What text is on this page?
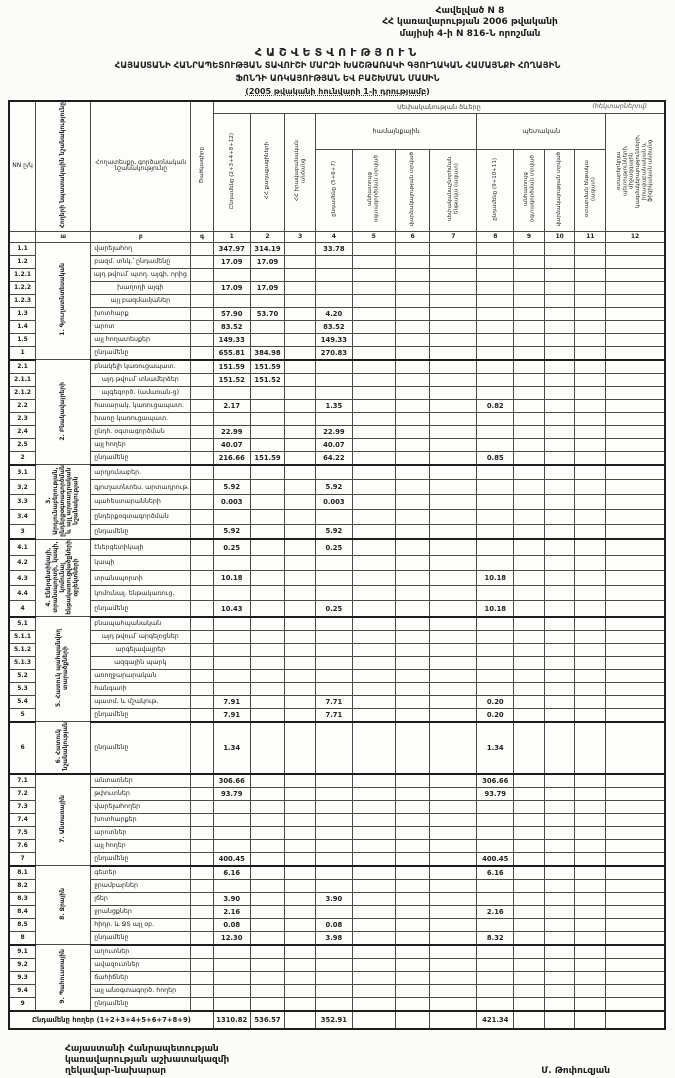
Հավելված N 8
ՀՀ կառավարության 2006 թվականի
մայիսի 4-ի N 816-Ն որոշման
ՀԱՇՎԵՏՎՈՒԹՅՈՒՆ
ՀԱՅԱՍՏԱՆԻ ՀԱՆՐԱՊԵՏՈՒԹՅԱՆ ՏԱՎՈՒՇԻ ՄԱՐԶԻ ԽԱՇԹԱՌԱԿԻ ԳՅՈՒՂԱԿԱՆ ՀԱՄԱՅՆՔԻ ՀՈՂԱՅԻՆ
ՖՈՆԴԻ ԱՌԿԱՅՈՒԹՅԱՆ ԵՎ ԲԱՇԽՄԱՆ ՄԱՍԻՆ
(2005 թվականի հունվարի 1-ի դրությամբ)
(հեկտարներով)
NN ը/կ	Հողերի նպատակային նշանակությունը	Հողատեսքը, գործառնական նշանակությունը	Ծածկագիրը	Սեփականության ձևերը											
				Ընդամենը (2+3+4+8+12)	ՀՀ քաղաքացիների	ՀՀ իրավաբանական անձանց	համայնքային				պետական				օտարերկրյա պետությունների, միջազգային կազմակերպությունների, իրավաբանական և ֆիզիկական անձանց
							ընդամենը (5+6+7)	անհատույց օգտագործման տրված	վարձակալության տրված	սեփականաշնորհման ենթակա (ազատ)	ընդամենը (9+10+11)	անհատույց օգտագործման տրված	վարձակալության տրված	օտարման ենթակա (ազատ)	
	ա	բ	գ	1	2	3	4	5	6	7	8	9	10	11	12
1.1	1. Գյուղատնտեսական	վարելահող		347.97	314.19		33.78								
1.2		բազմ. տնկ.՝ ընդամենը		17.09	17.09										
1.2.1		այդ թվում՝ պտղ. այգի, որից													
1.2.2		խաղողի այգի		17.09	17.09										
1.2.3		այլ բազմամյաներ													
1.3		խոտհարք		57.90	53.70		4.20								
1.4		արոտ		83.52			83.52								
1.5		այլ հողատեսքեր		149.33			149.33								
1		ընդամենը		655.81	384.98		270.83								
2.1	2. Բնակավայրերի	բնակելի կառուցապատ.		151.59	151.59										
2.1.1		այդ թվում՝ տնամերձեր		151.52	151.52										
2.1.2		այգեգործ. (ամառան-ց)													
2.2		հասարակ. կառուցապատ.		2.17			1.35				0.82				
2.3		խառը կառուցապատ.													
2.4		ընդհ. օգտագործման		22.99			22.99								
2.5		այլ հողեր		40.07			40.07								
2		ընդամենը		216.66	151.59		64.22				0.85				
3.1	3. Արդյունաբերության, ընդերքօգտագործման և այլ արտադրական նշանակության	արդյունաբեր.													
3.2		գյուղատնտես. արտադրութ.		5.92			5.92								
3.3		պահեստարանների		0.003			0.003								
3.4		ընդերքօգտագործման													
3		ընդամենը		5.92			5.92								
4.1	4. Էներգետիկայի, տրանսպորտի, կապի, կոմունալ ենթակառուցվածքների օբյեկտների	էներգետիկայի		0.25			0.25								
4.2		կապի													
4.3		տրանսպորտի		10.18							10.18				
4.4		կոմունալ. ենթակառուց.													
4		ընդամենը		10.43			0.25				10.18				
5.1	5. Հատուկ պահպանվող տարածքների	բնապահպանական													
5.1.1		այդ թվում՝ արգելոցներ													
5.1.2		արգելավայրեր													
5.1.3		ազգային պարկ													
5.2		առողջարարական													
5.3		հանգստի													
5.4		պատմ. և մշակութ.		7.91			7.71				0.20				
5		ընդամենը		7.91			7.71				0.20				
6	6. Հատուկ նշանակության	ընդամենը		1.34							1.34				
7.1	7. Անտառային	անտառներ		306.66							306.66				
7.2		թփուտներ		93.79							93.79				
7.3		վարելահողեր													
7.4		խոտհարքեր													
7.5		արոտներ													
7.6		այլ հողեր													
7		ընդամենը		400.45							400.45				
8.1	8. Ջրային	գետեր		6.16							6.16				
8.2		ջրամբարներ													
8.3		լճեր		3.90			3.90								
8.4		ջրանցքներ		2.16							2.16				
8.5		հիդր. և ՋՏ այլ օբ.		0.08			0.08								
8		ընդամենը		12.30			3.98				8.32				
9.1	9. Պահուստային	աղուտներ													
9.2		ավազուտներ													
9.3		ճահիճներ													
9.4		այլ անօգտագործ. հողեր													
9		ընդամենը													
Ընդամենը հողեր (1+2+3+4+5+6+7+8+9)				1310.82	536.57		352.91				421.34				
Հայաստանի Հանրապետության
կառավարության աշխատակազմի
ղեկավար-նախարար	Մ. Թոփուզյան
